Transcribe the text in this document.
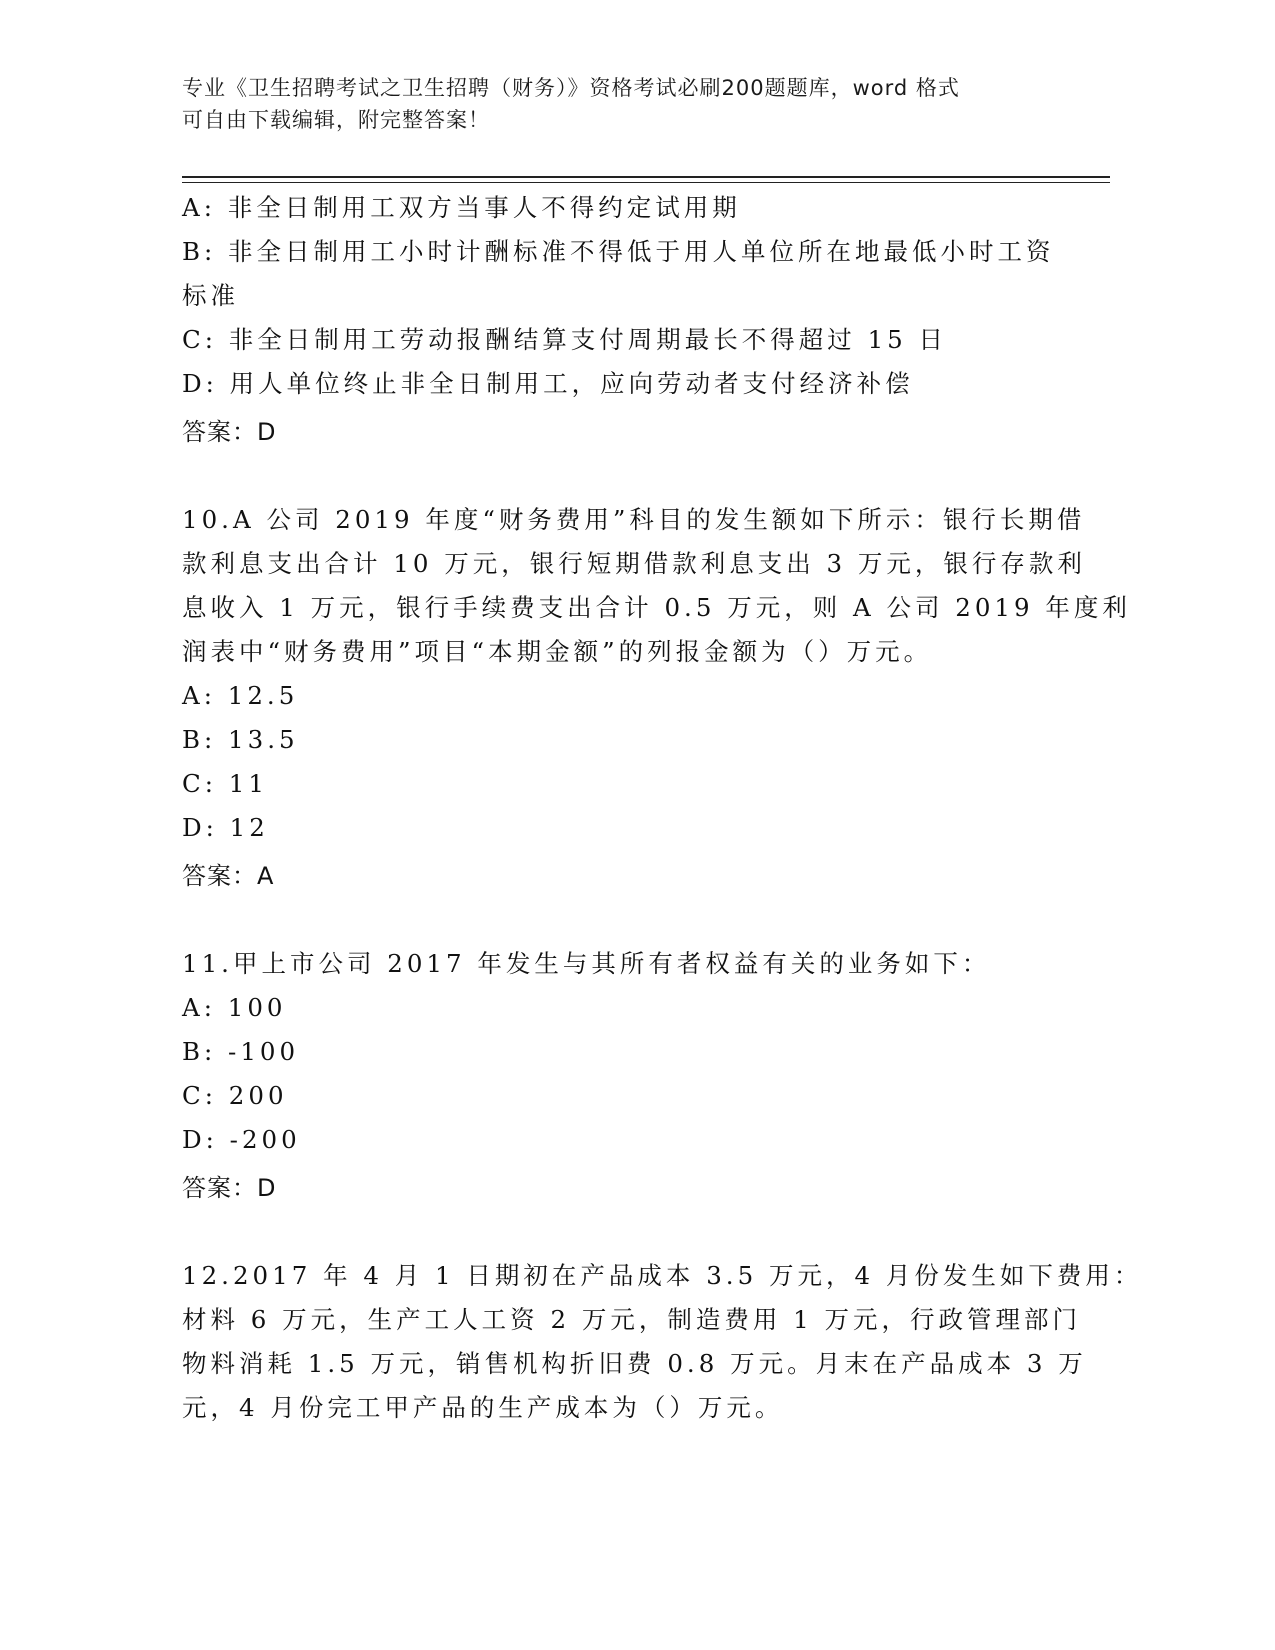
专业《卫生招聘考试之卫生招聘（财务）》资格考试必刷200题题库，word 格式
可自由下载编辑，附完整答案！
A: 非全日制用工双方当事人不得约定试用期
B: 非全日制用工小时计酬标准不得低于用人单位所在地最低小时工资
标准
C: 非全日制用工劳动报酬结算支付周期最长不得超过 15 日
D: 用人单位终止非全日制用工，应向劳动者支付经济补偿
答案：D
10.A 公司 2019 年度“财务费用”科目的发生额如下所示：银行长期借
款利息支出合计 10 万元，银行短期借款利息支出 3 万元，银行存款利
息收入 1 万元，银行手续费支出合计 0.5 万元，则 A 公司 2019 年度利
润表中“财务费用”项目“本期金额”的列报金额为（）万元。
A: 12.5
B: 13.5
C: 11
D: 12
答案：A
11.甲上市公司 2017 年发生与其所有者权益有关的业务如下：
A: 100
B: -100
C: 200
D: -200
答案：D
12.2017 年 4 月 1 日期初在产品成本 3.5 万元，4 月份发生如下费用：
材料 6 万元，生产工人工资 2 万元，制造费用 1 万元，行政管理部门
物料消耗 1.5 万元，销售机构折旧费 0.8 万元。月末在产品成本 3 万
元，4 月份完工甲产品的生产成本为（）万元。
